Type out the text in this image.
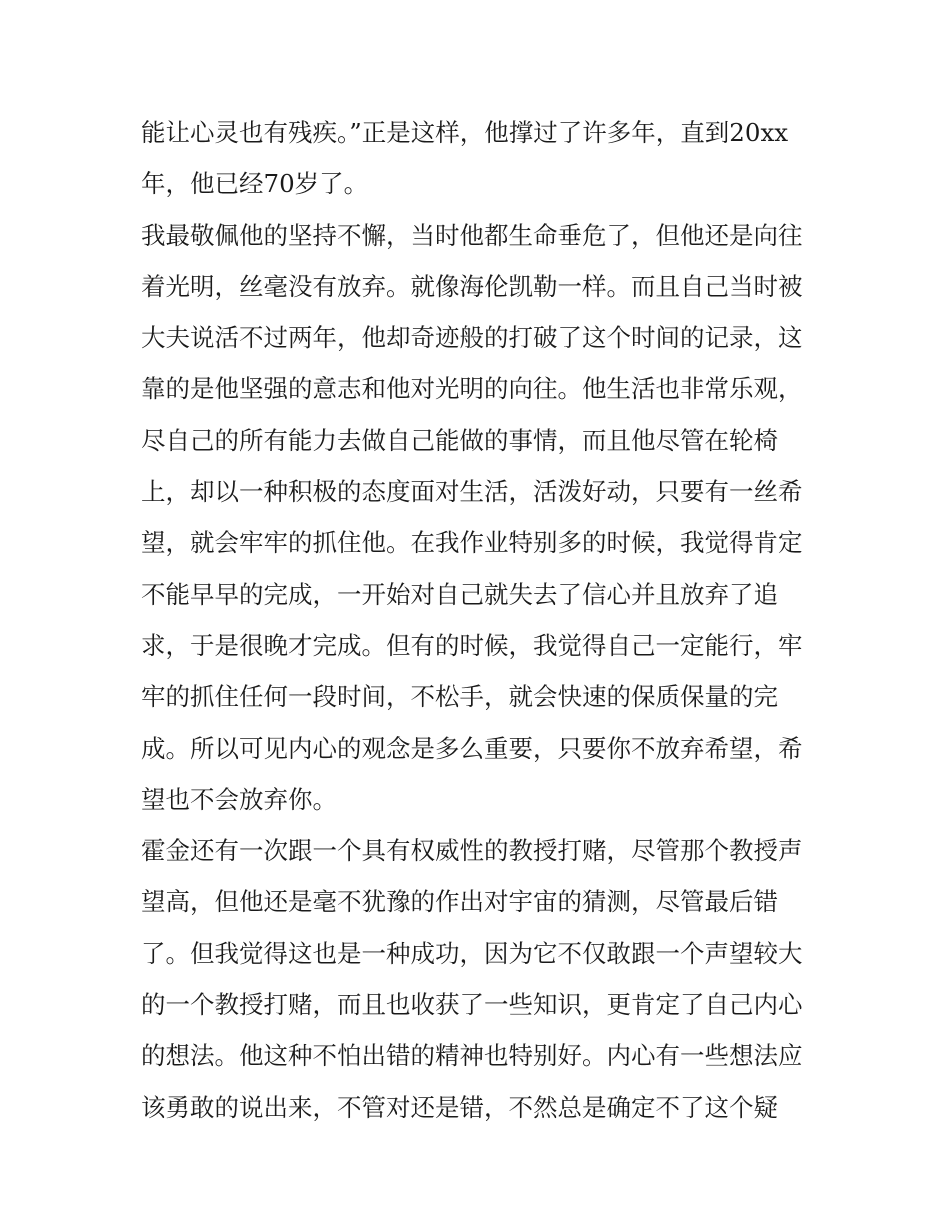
能让心灵也有残疾。”正是这样，他撑过了许多年，直到20xx
年，他已经70岁了。
我最敬佩他的坚持不懈，当时他都生命垂危了，但他还是向往
着光明，丝毫没有放弃。就像海伦凯勒一样。而且自己当时被
大夫说活不过两年，他却奇迹般的打破了这个时间的记录，这
靠的是他坚强的意志和他对光明的向往。他生活也非常乐观，
尽自己的所有能力去做自己能做的事情，而且他尽管在轮椅
上，却以一种积极的态度面对生活，活泼好动，只要有一丝希
望，就会牢牢的抓住他。在我作业特别多的时候，我觉得肯定
不能早早的完成，一开始对自己就失去了信心并且放弃了追
求，于是很晚才完成。但有的时候，我觉得自己一定能行，牢
牢的抓住任何一段时间，不松手，就会快速的保质保量的完
成。所以可见内心的观念是多么重要，只要你不放弃希望，希
望也不会放弃你。
霍金还有一次跟一个具有权威性的教授打赌，尽管那个教授声
望高，但他还是毫不犹豫的作出对宇宙的猜测，尽管最后错
了。但我觉得这也是一种成功，因为它不仅敢跟一个声望较大
的一个教授打赌，而且也收获了一些知识，更肯定了自己内心
的想法。他这种不怕出错的精神也特别好。内心有一些想法应
该勇敢的说出来，不管对还是错，不然总是确定不了这个疑
